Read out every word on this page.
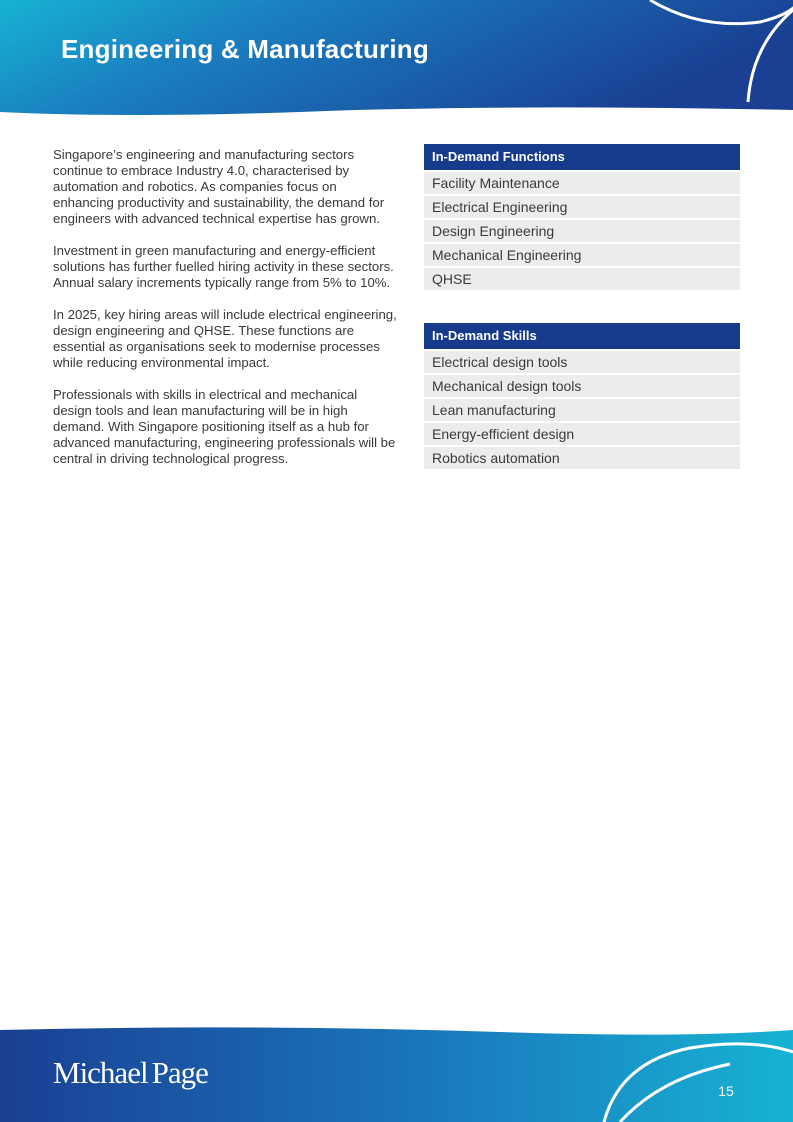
Engineering & Manufacturing

Singapore’s engineering and manufacturing sectors continue to embrace Industry 4.0, characterised by automation and robotics. As companies focus on enhancing productivity and sustainability, the demand for engineers with advanced technical expertise has grown.

Investment in green manufacturing and energy-efficient solutions has further fuelled hiring activity in these sectors. Annual salary increments typically range from 5% to 10%.

In 2025, key hiring areas will include electrical engineering, design engineering and QHSE. These functions are essential as organisations seek to modernise processes while reducing environmental impact.

Professionals with skills in electrical and mechanical design tools and lean manufacturing will be in high demand. With Singapore positioning itself as a hub for advanced manufacturing, engineering professionals will be central in driving technological progress.

In-Demand Functions
Facility Maintenance
Electrical Engineering
Design Engineering
Mechanical Engineering
QHSE
In-Demand Skills
Electrical design tools
Mechanical design tools
Lean manufacturing
Energy-efficient design
Robotics automation
Michael Page
15
